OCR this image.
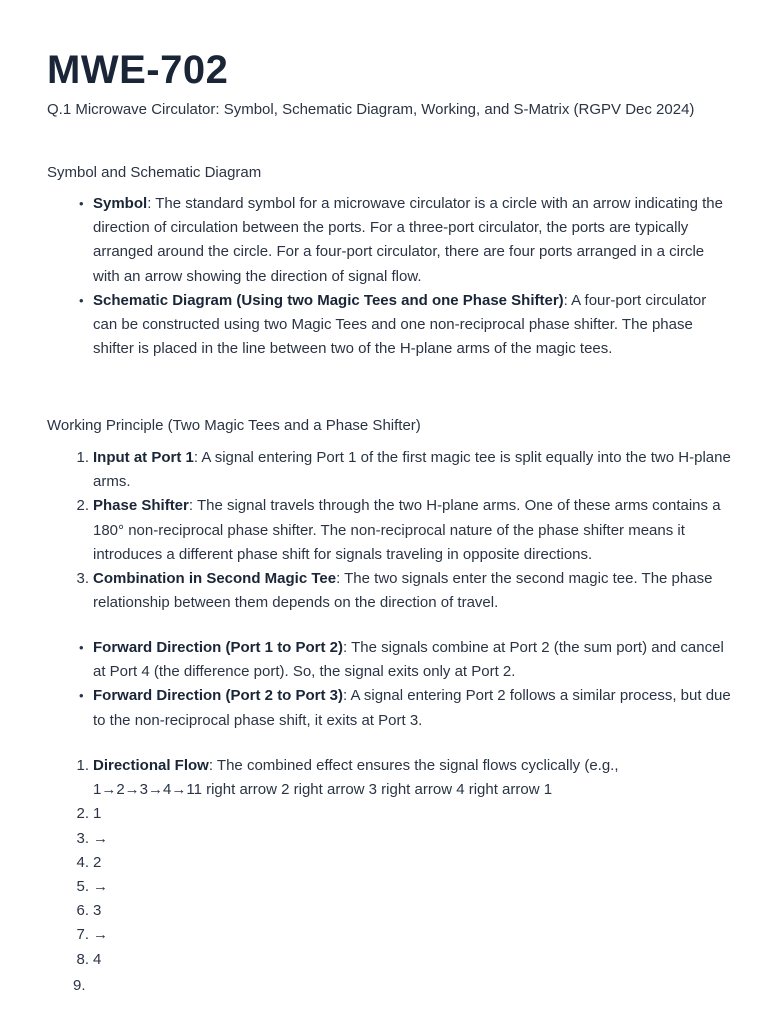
MWE-702
Q.1 Microwave Circulator: Symbol, Schematic Diagram, Working, and S-Matrix (RGPV Dec 2024)
Symbol and Schematic Diagram
• Symbol: The standard symbol for a microwave circulator is a circle with an arrow indicating the direction of circulation between the ports. For a three-port circulator, the ports are typically arranged around the circle. For a four-port circulator, there are four ports arranged in a circle with an arrow showing the direction of signal flow.
• Schematic Diagram (Using two Magic Tees and one Phase Shifter): A four-port circulator can be constructed using two Magic Tees and one non-reciprocal phase shifter. The phase shifter is placed in the line between two of the H-plane arms of the magic tees.
Working Principle (Two Magic Tees and a Phase Shifter)
1. Input at Port 1: A signal entering Port 1 of the first magic tee is split equally into the two H-plane arms.
2. Phase Shifter: The signal travels through the two H-plane arms. One of these arms contains a 180° non-reciprocal phase shifter. The non-reciprocal nature of the phase shifter means it introduces a different phase shift for signals traveling in opposite directions.
3. Combination in Second Magic Tee: The two signals enter the second magic tee. The phase relationship between them depends on the direction of travel.
• Forward Direction (Port 1 to Port 2): The signals combine at Port 2 (the sum port) and cancel at Port 4 (the difference port). So, the signal exits only at Port 2.
• Forward Direction (Port 2 to Port 3): A signal entering Port 2 follows a similar process, but due to the non-reciprocal phase shift, it exits at Port 3.
1. Directional Flow: The combined effect ensures the signal flows cyclically (e.g., 1→2→3→4→11 right arrow 2 right arrow 3 right arrow 4 right arrow 1
2. 1
3. →
4. 2
5. →
6. 3
7. →
8. 4
9.
